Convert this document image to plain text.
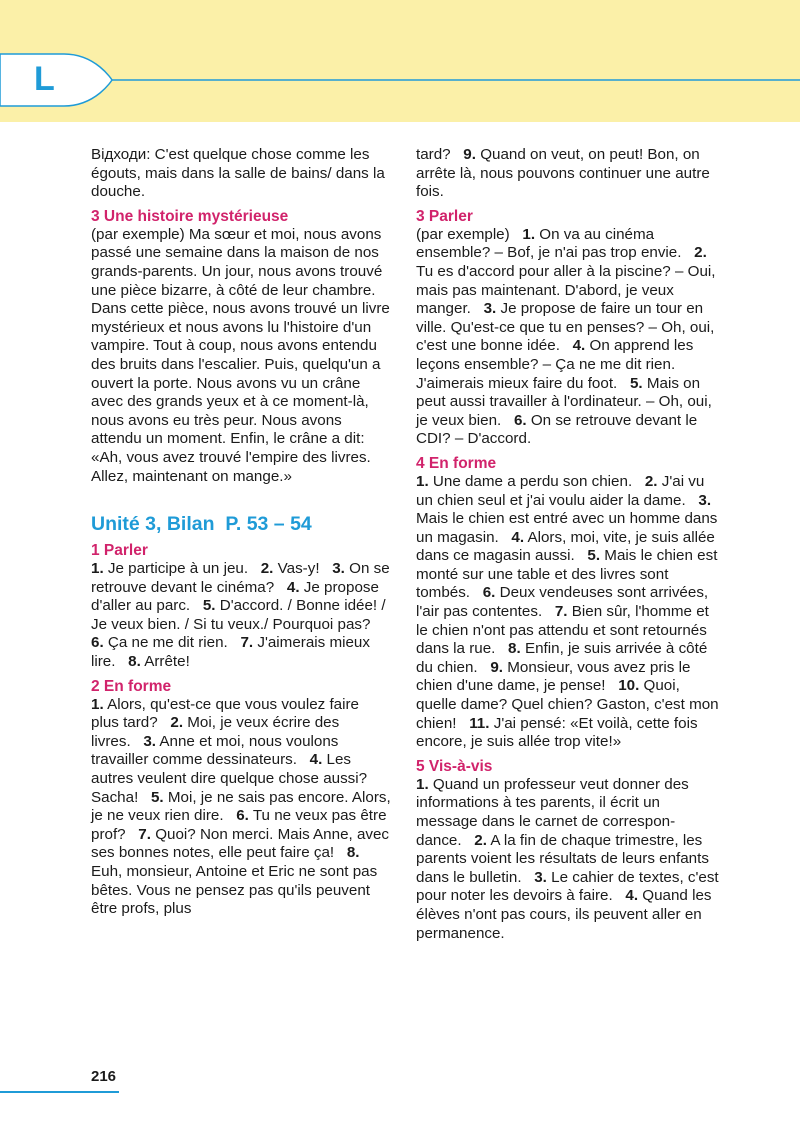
L

Відходи: C'est quelque chose comme les égouts, mais dans la salle de bains/ dans la douche.

3 Une histoire mystérieuse

(par exemple) Ma sœur et moi, nous avons passé une semaine dans la maison de nos grands-parents. Un jour, nous avons trouvé une pièce bizarre, à côté de leur chambre. Dans cette pièce, nous avons trouvé un livre mystérieux et nous avons lu l'histoire d'un vampire. Tout à coup, nous avons entendu des bruits dans l'escalier. Puis, quelqu'un a ouvert la porte. Nous avons vu un crâne avec des grands yeux et à ce moment-là, nous avons eu très peur. Nous avons attendu un moment. Enfin, le crâne a dit: «Ah, vous avez trouvé l'empire des livres. Allez, maintenant on mange.»

Unité 3, Bilan P. 53 – 54
1 Parler

1. Je participe à un jeu. 2. Vas-y! 3. On se retrouve devant le cinéma? 4. Je propose d'aller au parc. 5. D'accord. / Bonne idée! / Je veux bien. / Si tu veux./ Pourquoi pas?   6. Ça ne me dit rien. 7. J'aimerais mieux lire. 8. Arrête!

2 En forme

1. Alors, qu'est-ce que vous voulez faire plus tard? 2. Moi, je veux écrire des livres. 3. Anne et moi, nous voulons travailler comme dessinateurs. 4. Les autres veulent dire quelque chose aussi? Sacha! 5. Moi, je ne sais pas encore. Alors, je ne veux rien dire. 6. Tu ne veux pas être prof? 7. Quoi? Non merci. Mais Anne, avec ses bonnes notes, elle peut faire ça! 8. Euh, monsieur, Antoine et Eric ne sont pas bêtes. Vous ne pensez pas qu'ils peuvent être profs, plus

tard? 9. Quand on veut, on peut! Bon, on arrête là, nous pouvons continuer une autre fois.

3 Parler

(par exemple) 1. On va au cinéma ensemble? – Bof, je n'ai pas trop envie. 2. Tu es d'accord pour aller à la piscine? – Oui, mais pas maintenant. D'abord, je veux manger. 3. Je propose de faire un tour en ville. Qu'est-ce que tu en penses? – Oh, oui, c'est une bonne idée. 4. On apprend les leçons ensemble? – Ça ne me dit rien. J'aimerais mieux faire du foot. 5. Mais on peut aussi travailler à l'ordinateur. – Oh, oui, je veux bien. 6. On se retrouve devant le CDI? – D'accord.

4 En forme

1. Une dame a perdu son chien. 2. J'ai vu un chien seul et j'ai voulu aider la dame. 3. Mais le chien est entré avec un homme dans un magasin. 4. Alors, moi, vite, je suis allée dans ce magasin aussi. 5. Mais le chien est monté sur une table et des livres sont tombés. 6. Deux vendeuses sont arrivées, l'air pas contentes. 7. Bien sûr, l'homme et le chien n'ont pas attendu et sont retournés dans la rue. 8. Enfin, je suis arrivée à côté du chien. 9. Monsieur, vous avez pris le chien d'une dame, je pense! 10. Quoi, quelle dame? Quel chien? Gaston, c'est mon chien! 11. J'ai pensé: «Et voilà, cette fois encore, je suis allée trop vite!»

5 Vis-à-vis

1. Quand un professeur veut donner des informations à tes parents, il écrit un message dans le carnet de correspon-dance. 2. A la fin de chaque trimestre, les parents voient les résultats de leurs enfants dans le bulletin. 3. Le cahier de textes, c'est pour noter les devoirs à faire. 4. Quand les élèves n'ont pas cours, ils peuvent aller en permanence.

216
